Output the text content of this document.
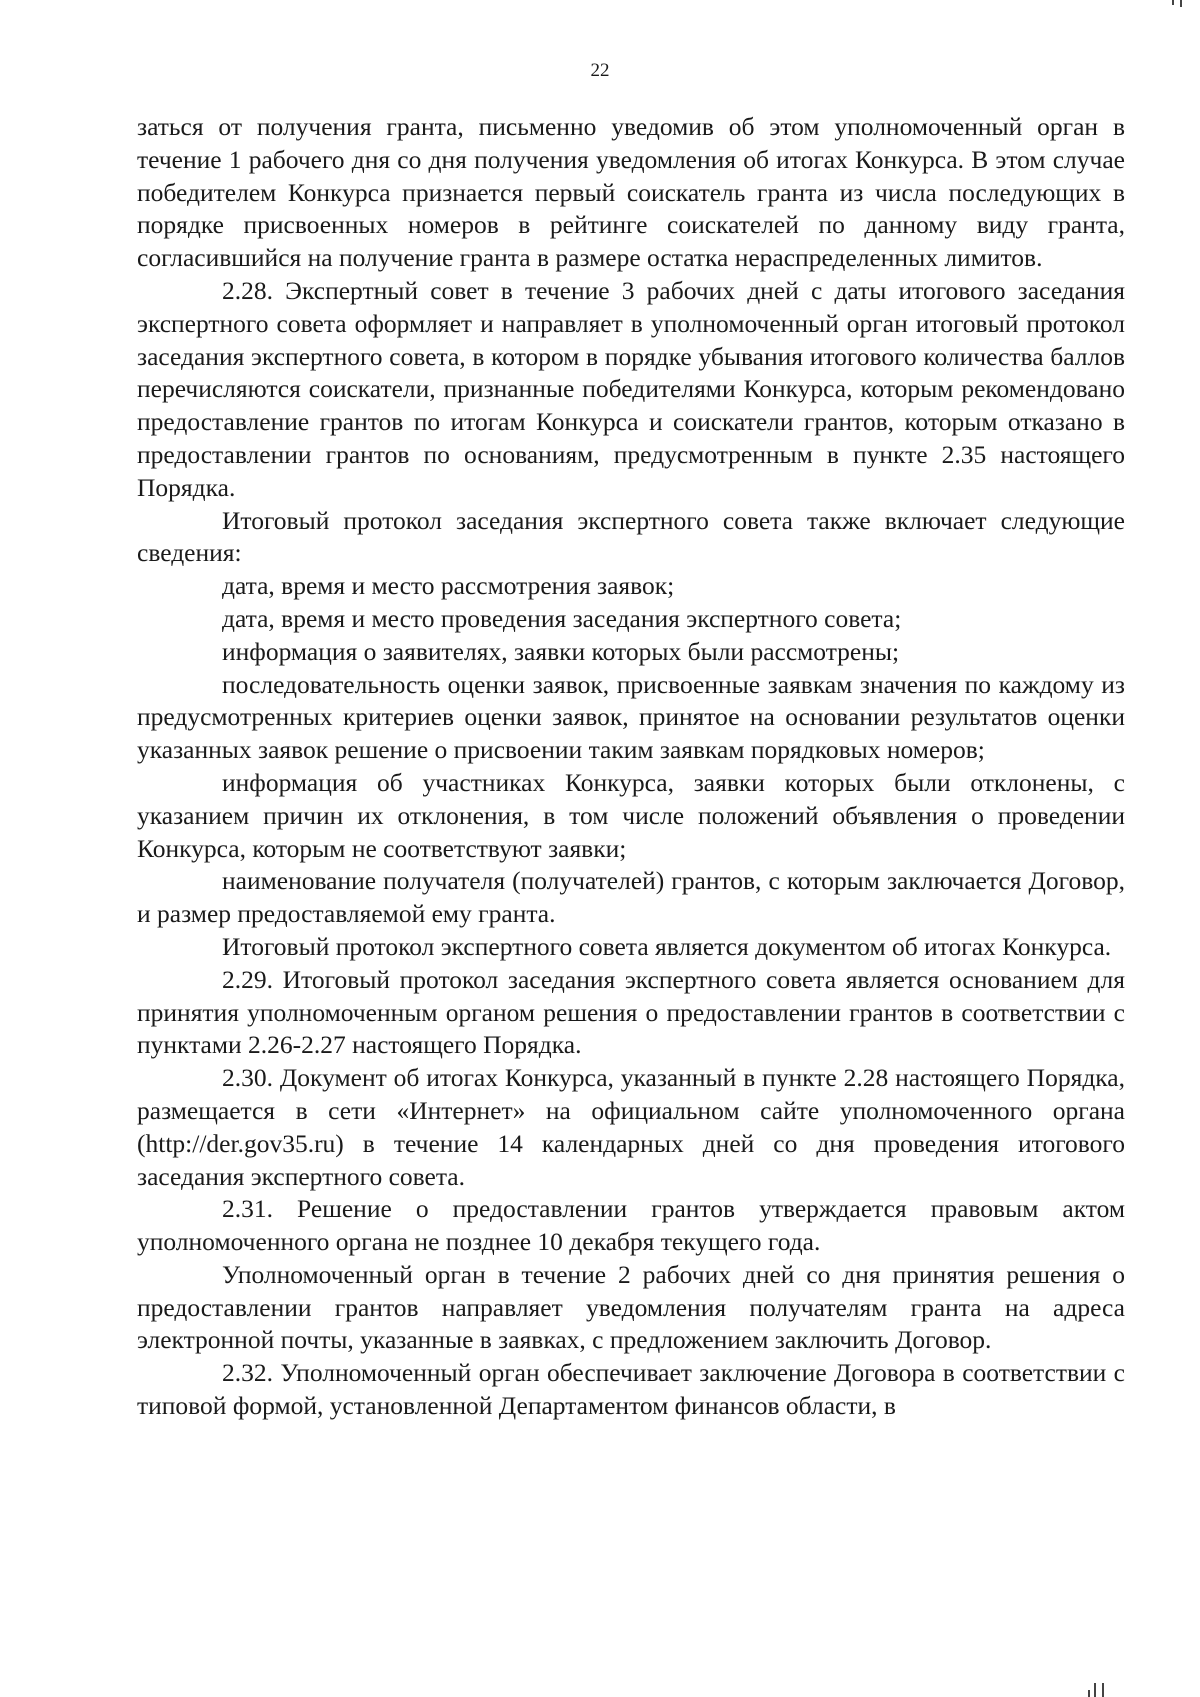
22

заться от получения гранта, письменно уведомив об этом уполномоченный орган в течение 1 рабочего дня со дня получения уведомления об итогах Конкурса. В этом случае победителем Конкурса признается первый соискатель гранта из числа последующих в порядке присвоенных номеров в рейтинге соискателей по данному виду гранта, согласившийся на получение гранта в размере остатка нераспределенных лимитов.

2.28. Экспертный совет в течение 3 рабочих дней с даты итогового заседания экспертного совета оформляет и направляет в уполномоченный орган итоговый протокол заседания экспертного совета, в котором в порядке убывания итогового количества баллов перечисляются соискатели, признанные победителями Конкурса, которым рекомендовано предоставление грантов по итогам Конкурса и соискатели грантов, которым отказано в предоставлении грантов по основаниям, предусмотренным в пункте 2.35 настоящего Порядка.

Итоговый протокол заседания экспертного совета также включает следующие сведения:

дата, время и место рассмотрения заявок;

дата, время и место проведения заседания экспертного совета;

информация о заявителях, заявки которых были рассмотрены;

последовательность оценки заявок, присвоенные заявкам значения по каждому из предусмотренных критериев оценки заявок, принятое на основании результатов оценки указанных заявок решение о присвоении таким заявкам порядковых номеров;

информация об участниках Конкурса, заявки которых были отклонены, с указанием причин их отклонения, в том числе положений объявления о проведении Конкурса, которым не соответствуют заявки;

наименование получателя (получателей) грантов, с которым заключается Договор, и размер предоставляемой ему гранта.

Итоговый протокол экспертного совета является документом об итогах Конкурса.

2.29. Итоговый протокол заседания экспертного совета является основанием для принятия уполномоченным органом решения о предоставлении грантов в соответствии с пунктами 2.26-2.27 настоящего Порядка.

2.30. Документ об итогах Конкурса, указанный в пункте 2.28 настоящего Порядка, размещается в сети «Интернет» на официальном сайте уполномоченного органа (http://der.gov35.ru) в течение 14 календарных дней со дня проведения итогового заседания экспертного совета.

2.31. Решение о предоставлении грантов утверждается правовым актом уполномоченного органа не позднее 10 декабря текущего года.

Уполномоченный орган в течение 2 рабочих дней со дня принятия решения о предоставлении грантов направляет уведомления получателям гранта на адреса электронной почты, указанные в заявках, с предложением заключить Договор.

2.32. Уполномоченный орган обеспечивает заключение Договора в соответствии с типовой формой, установленной Департаментом финансов области, в
